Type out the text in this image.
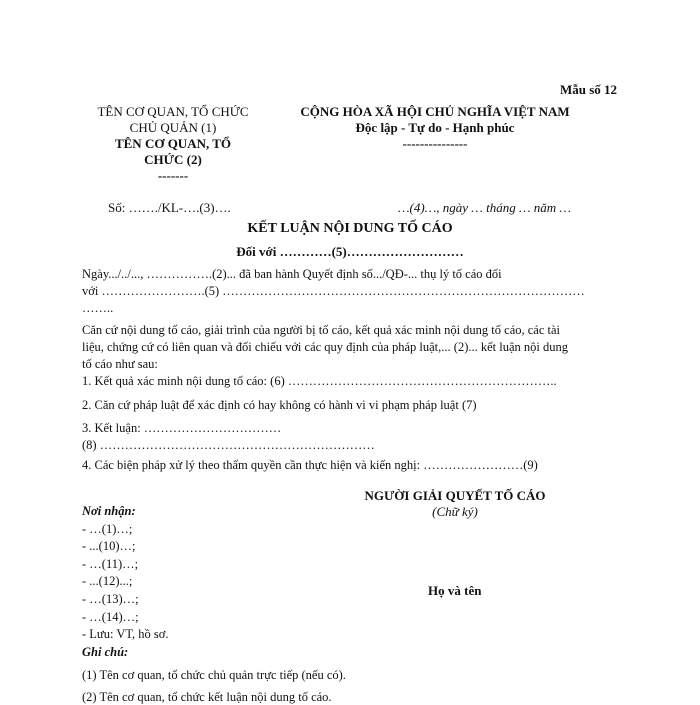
Mẫu số 12
TÊN CƠ QUAN, TỔ CHỨC
CHỦ QUẢN (1)
TÊN CƠ QUAN, TỔ
CHỨC (2)
-------
CỘNG HÒA XÃ HỘI CHỦ NGHĨA VIỆT NAM
Độc lập - Tự do - Hạnh phúc
---------------
Số: ……./KL-….(3)….	…(4)…, ngày … tháng … năm …
KẾT LUẬN NỘI DUNG TỐ CÁO
Đối với …………(5)………………………
Ngày.../../..., …………….(2)... đã ban hành Quyết định số.../QĐ-... thụ lý tố cáo đối
với …………………….(5) ……………………………………………………………………………
……..
Căn cứ nội dung tố cáo, giải trình của người bị tố cáo, kết quả xác minh nội dung tố cáo, các tài
liệu, chứng cứ có liên quan và đối chiếu với các quy định của pháp luật,... (2)... kết luận nội dung
tố cáo như sau:
1. Kết quả xác minh nội dung tố cáo: (6) ………………………………………………………..
2. Căn cứ pháp luật để xác định có hay không có hành vi vi phạm pháp luật (7)
3. Kết luận: ……………………………
(8) …………………………………………………………
4. Các biện pháp xử lý theo thẩm quyền cần thực hiện và kiến nghị: ……………………(9)
NGƯỜI GIẢI QUYẾT TỐ CÁO
(Chữ ký)
Họ và tên
Nơi nhận:
- …(1)…;
- ...(10)…;
- …(11)…;
- ...(12)...;
- …(13)…;
- …(14)…;
- Lưu: VT, hồ sơ.
Ghi chú:
(1) Tên cơ quan, tổ chức chủ quản trực tiếp (nếu có).
(2) Tên cơ quan, tổ chức kết luận nội dung tố cáo.
